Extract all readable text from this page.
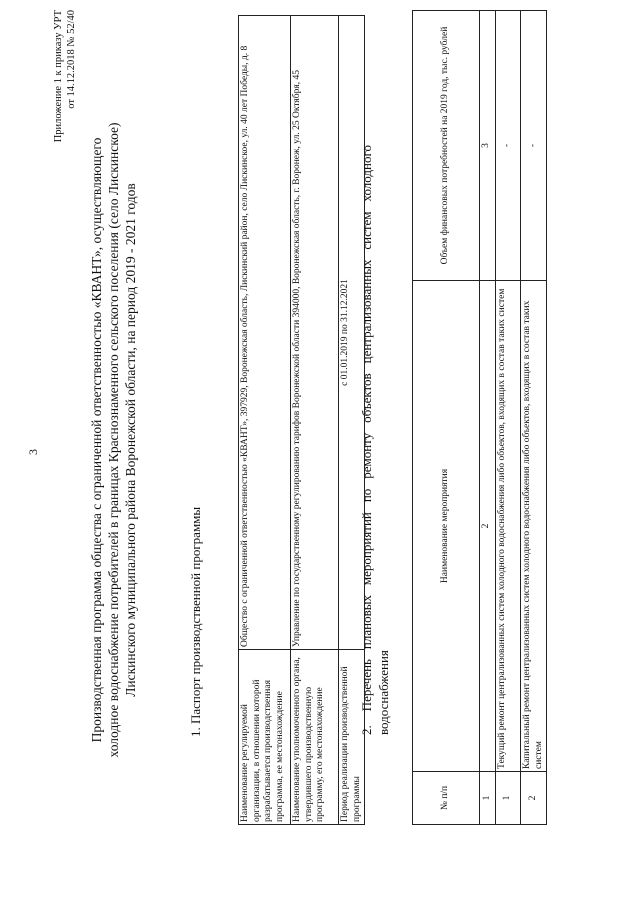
3
Приложение 1 к приказу УРТ от 14.12.2018 № 52/40
Производственная программа общества с ограниченной ответственностью «КВАНТ», осуществляющего холодное водоснабжение потребителей в границах Краснознаменного сельского поселения (село Лискинское) Лискинского муниципального района Воронежской области, на период 2019 - 2021 годов
1. Паспорт производственной программы
Наименование регулируемой организации, в отношении которой разрабатывается производственная программа, ее местонахождение	Общество с ограниченной ответственностью «КВАНТ», 397929, Воронежская область, Лискинский район, село Лискинское, ул. 40 лет Победы, д. 8
Наименование уполномоченного органа, утвердившего производственную программу, его местонахождение	Управление по государственному регулированию тарифов Воронежской области 394000, Воронежская область, г. Воронеж, ул. 25 Октября, 45
Период реализации производственной программы	с 01.01.2019 по 31.12.2021
2. Перечень плановых мероприятий по ремонту объектов централизованных систем холодного водоснабжения
№ п/п	Наименование мероприятия	Объем финансовых потребностей на 2019 год, тыс. рублей
1	2	3
1	Текущий ремонт централизованных систем холодного водоснабжения либо объектов, входящих в состав таких систем	-
2	Капитальный ремонт централизованных систем холодного водоснабжения либо объектов, входящих в состав таких систем	-
